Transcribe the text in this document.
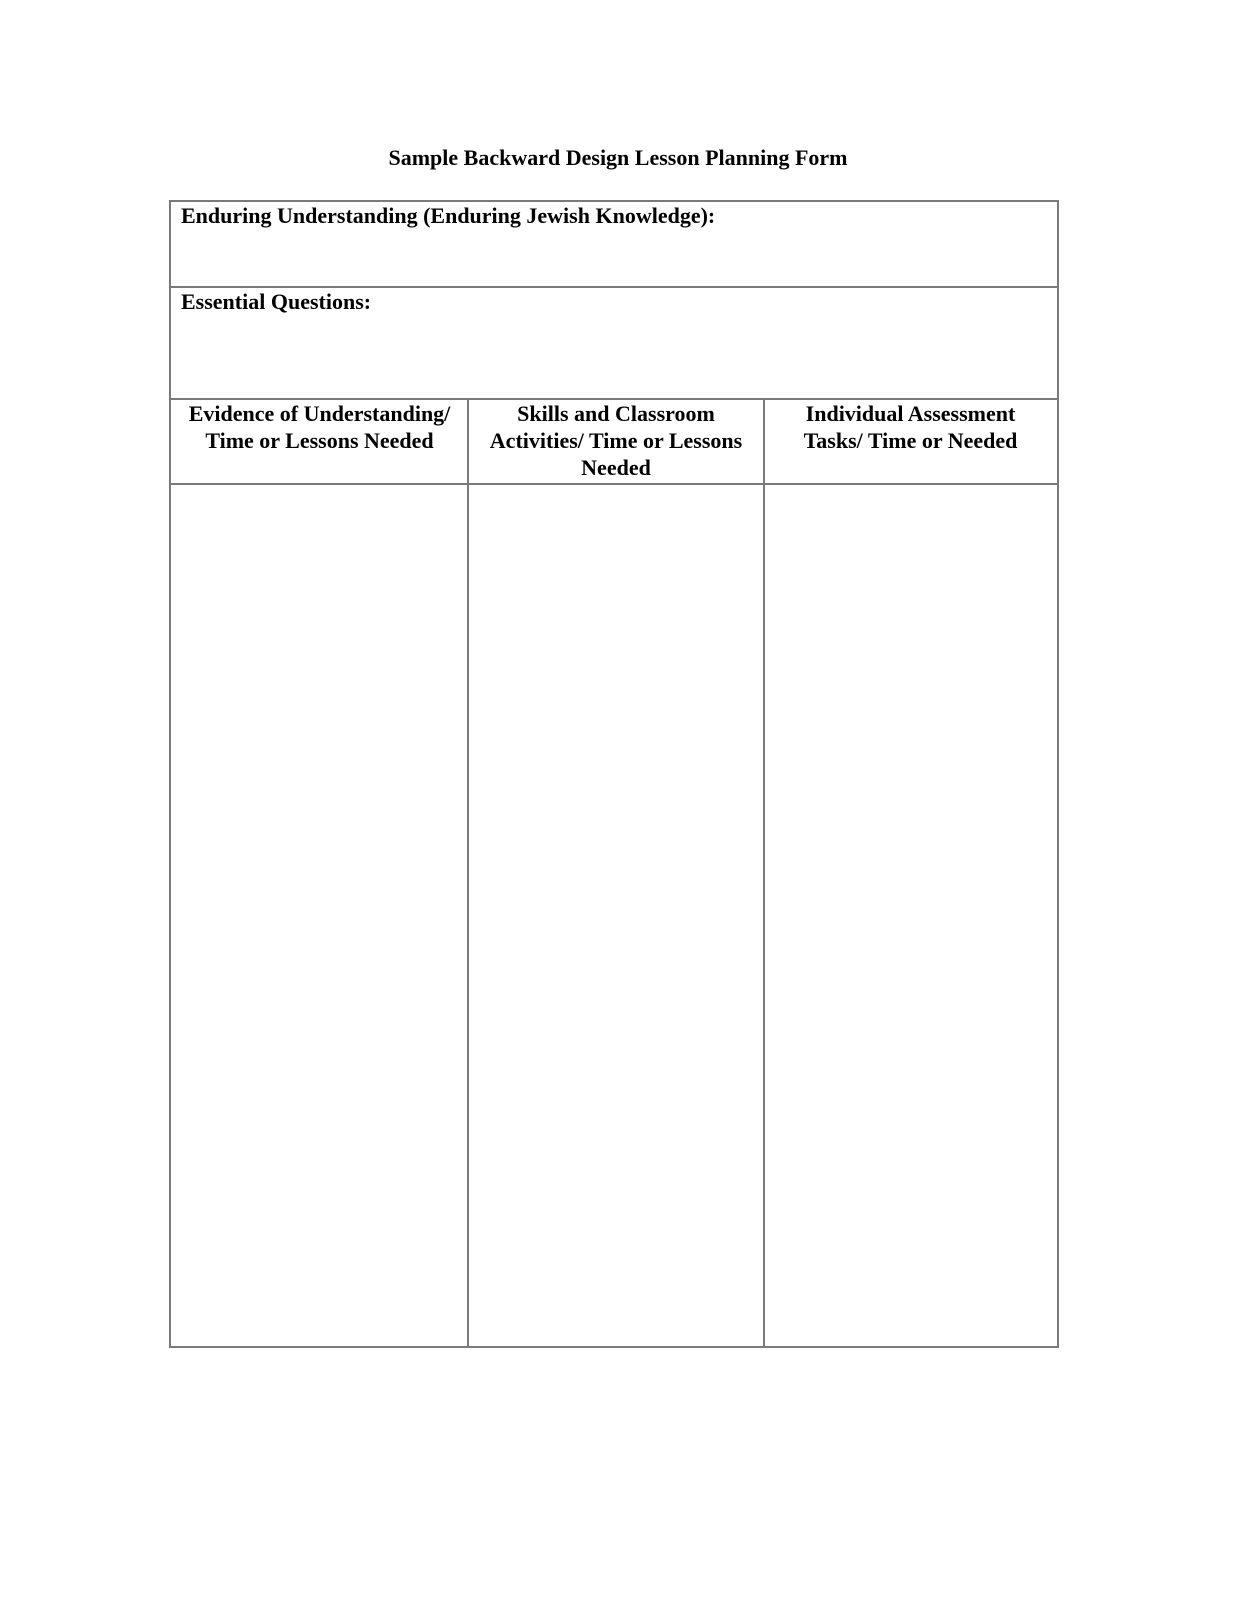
Sample Backward Design Lesson Planning Form
Enduring Understanding (Enduring Jewish Knowledge):
Essential Questions:
Evidence of Understanding/ Time or Lessons Needed
Skills and Classroom Activities/ Time or Lessons Needed
Individual Assessment Tasks/ Time or Needed
